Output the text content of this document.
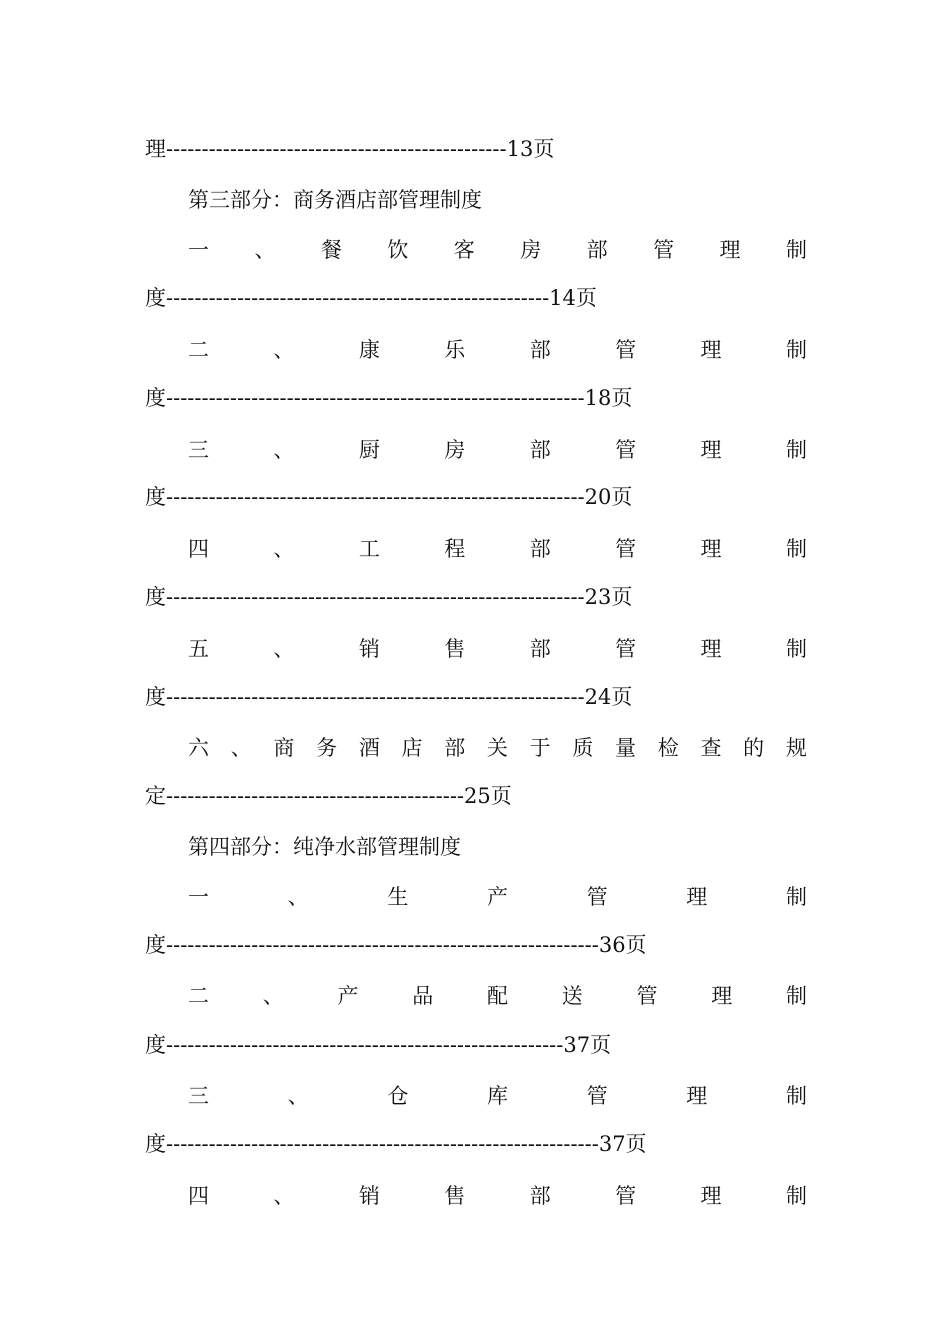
理------------------------------------------------13页
第三部分：商务酒店部管理制度
一 、 餐 饮 客 房 部 管 理 制
度------------------------------------------------------14页
二	、	康	乐	部	管	理	制
度-----------------------------------------------------------18页
三	、	厨	房	部	管	理	制
度-----------------------------------------------------------20页
四	、	工	程	部	管	理	制
度-----------------------------------------------------------23页
五	、	销	售	部	管	理	制
度-----------------------------------------------------------24页
六 、 商 务 酒 店 部 关 于 质 量 检 查 的 规
定------------------------------------------25页
第四部分：纯净水部管理制度
一	、	生	产	管	理	制
度-------------------------------------------------------------36页
二	、	产	品	配	送	管	理	制
度--------------------------------------------------------37页
三	、	仓	库	管	理	制
度-------------------------------------------------------------37页
四	、	销	售	部	管	理	制
